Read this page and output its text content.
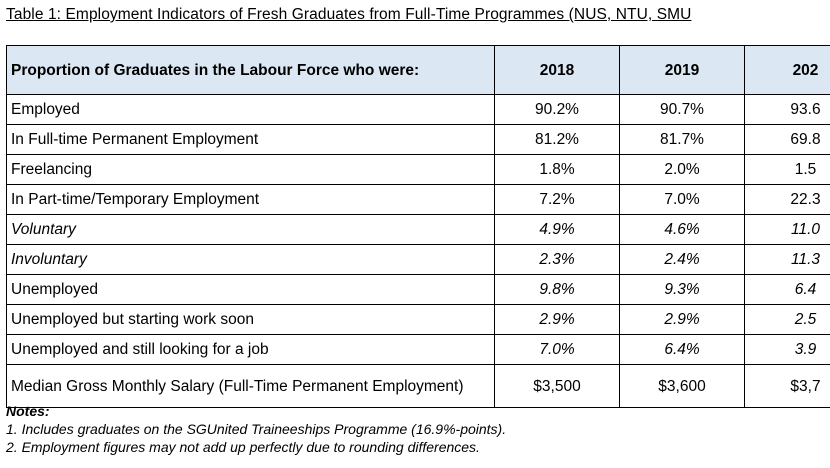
Table 1: Employment Indicators of Fresh Graduates from Full-Time Programmes (NUS, NTU, SMU
Proportion of Graduates in the Labour Force who were:	2018	2019	202
Employed	90.2%	90.7%	93.6
In Full-time Permanent Employment	81.2%	81.7%	69.8
Freelancing	1.8%	2.0%	1.5
In Part-time/Temporary Employment	7.2%	7.0%	22.3
Voluntary	4.9%	4.6%	11.0
Involuntary	2.3%	2.4%	11.3
Unemployed	9.8%	9.3%	6.4
Unemployed but starting work soon	2.9%	2.9%	2.5
Unemployed and still looking for a job	7.0%	6.4%	3.9
Median Gross Monthly Salary (Full-Time Permanent Employment)	$3,500	$3,600	$3,7
Notes:
1. Includes graduates on the SGUnited Traineeships Programme (16.9%-points).
2. Employment figures may not add up perfectly due to rounding differences.
